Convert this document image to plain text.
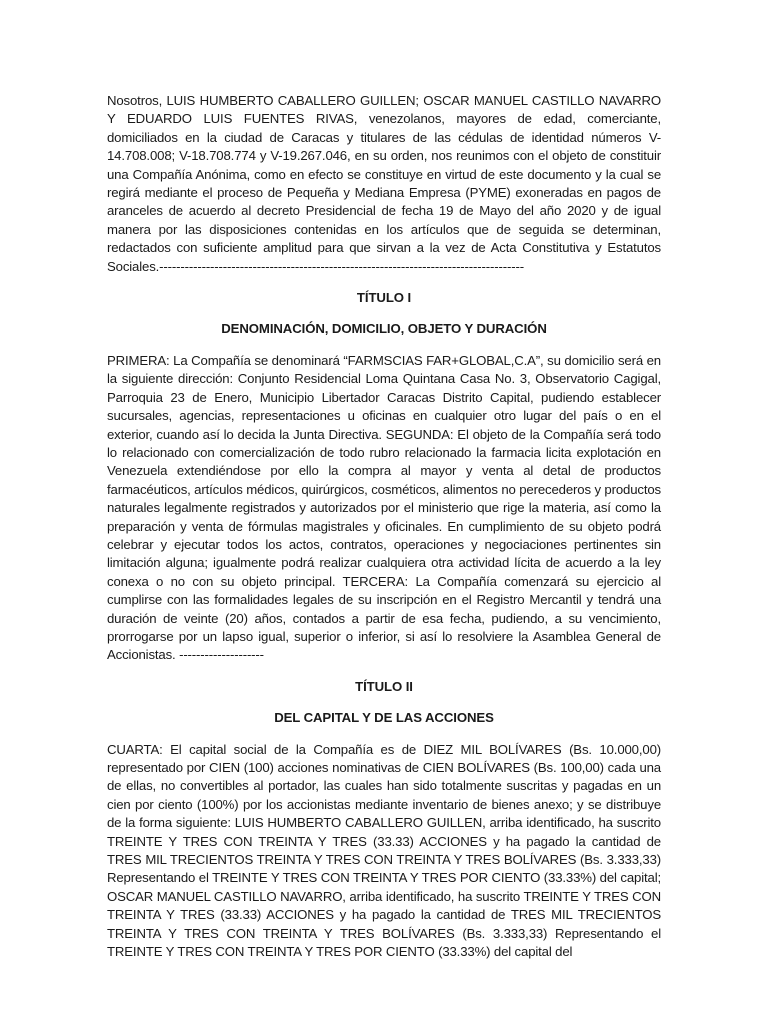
Nosotros, LUIS HUMBERTO CABALLERO GUILLEN; OSCAR MANUEL CASTILLO NAVARRO Y EDUARDO LUIS FUENTES RIVAS, venezolanos, mayores de edad, comerciante, domiciliados en la ciudad de Caracas y titulares de las cédulas de identidad números V- 14.708.008; V-18.708.774 y V-19.267.046, en su orden, nos reunimos con el objeto de constituir una Compañía Anónima, como en efecto se constituye en virtud de este documento y la cual se regirá mediante el proceso de Pequeña y Mediana Empresa (PYME) exoneradas en pagos de aranceles de acuerdo al decreto Presidencial de fecha 19 de Mayo del año 2020 y de igual manera por las disposiciones contenidas en los artículos que de seguida se determinan, redactados con suficiente amplitud para que sirvan a la vez de Acta Constitutiva y Estatutos Sociales.--------------------------------------------------------------------------------------

TÍTULO I

DENOMINACIÓN, DOMICILIO, OBJETO Y DURACIÓN

PRIMERA: La Compañía se denominará “FARMSCIAS FAR+GLOBAL,C.A”, su domicilio será en la siguiente dirección: Conjunto Residencial Loma Quintana Casa No. 3, Observatorio Cagigal, Parroquia 23 de Enero, Municipio Libertador Caracas Distrito Capital, pudiendo establecer sucursales, agencias, representaciones u oficinas en cualquier otro lugar del país o en el exterior, cuando así lo decida la Junta Directiva. SEGUNDA: El objeto de la Compañía será todo lo relacionado con comercialización de todo rubro relacionado la farmacia licita explotación en Venezuela extendiéndose por ello la compra al mayor y venta al detal de productos farmacéuticos, artículos médicos, quirúrgicos, cosméticos, alimentos no perecederos y productos naturales legalmente registrados y autorizados por el ministerio que rige la materia, así como la preparación y venta de fórmulas magistrales y oficinales. En cumplimiento de su objeto podrá celebrar y ejecutar todos los actos, contratos, operaciones y negociaciones pertinentes sin limitación alguna; igualmente podrá realizar cualquiera otra actividad lícita de acuerdo a la ley conexa o no con su objeto principal. TERCERA: La Compañía comenzará su ejercicio al cumplirse con las formalidades legales de su inscripción en el Registro Mercantil y tendrá una duración de veinte (20) años, contados a partir de esa fecha, pudiendo, a su vencimiento, prorrogarse por un lapso igual, superior o inferior, si así lo resolviere la Asamblea General de Accionistas. --------------------

TÍTULO II

DEL CAPITAL Y DE LAS ACCIONES

CUARTA: El capital social de la Compañía es de DIEZ MIL BOLÍVARES (Bs. 10.000,00) representado por CIEN (100) acciones nominativas de CIEN BOLÍVARES (Bs. 100,00) cada una de ellas, no convertibles al portador, las cuales han sido totalmente suscritas y pagadas en un cien por ciento (100%) por los accionistas mediante inventario de bienes anexo; y se distribuye de la forma siguiente: LUIS HUMBERTO CABALLERO GUILLEN, arriba identificado, ha suscrito TREINTE Y TRES CON TREINTA Y TRES (33.33) ACCIONES y ha pagado la cantidad de TRES MIL TRECIENTOS TREINTA Y TRES CON TREINTA Y TRES BOLÍVARES (Bs. 3.333,33) Representando el TREINTE Y TRES CON TREINTA Y TRES POR CIENTO (33.33%) del capital; OSCAR MANUEL CASTILLO NAVARRO, arriba identificado, ha suscrito TREINTE Y TRES CON TREINTA Y TRES (33.33) ACCIONES y ha pagado la cantidad de TRES MIL TRECIENTOS TREINTA Y TRES CON TREINTA Y TRES BOLÍVARES (Bs. 3.333,33) Representando el TREINTE Y TRES CON TREINTA Y TRES POR CIENTO (33.33%) del capital del
